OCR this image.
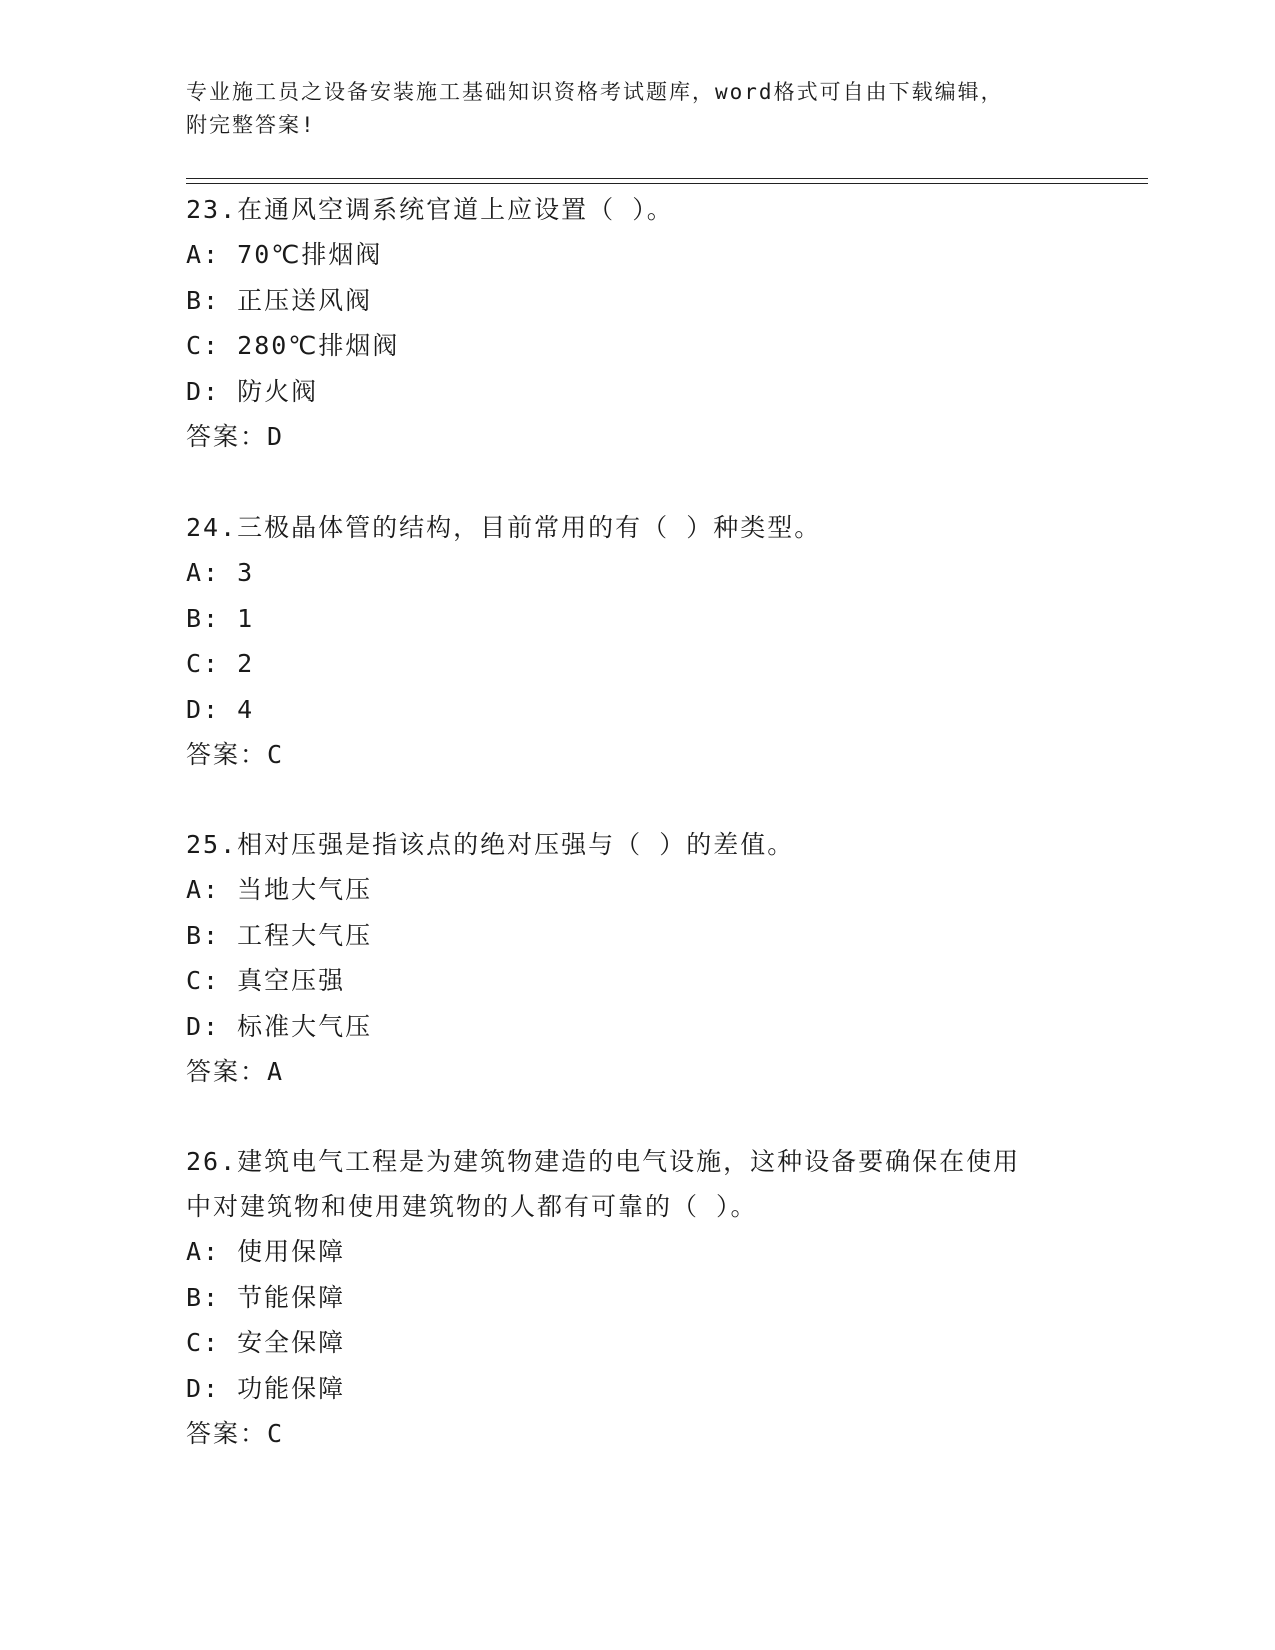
专业施工员之设备安装施工基础知识资格考试题库，word格式可自由下载编辑，
附完整答案!

23.在通风空调系统官道上应设置（ ）。

A: 70℃排烟阀

B: 正压送风阀

C: 280℃排烟阀

D: 防火阀

答案：D

24.三极晶体管的结构，目前常用的有（ ）种类型。

A: 3

B: 1

C: 2

D: 4

答案：C

25.相对压强是指该点的绝对压强与（ ）的差值。

A: 当地大气压

B: 工程大气压

C: 真空压强

D: 标准大气压

答案：A

26.建筑电气工程是为建筑物建造的电气设施，这种设备要确保在使用

中对建筑物和使用建筑物的人都有可靠的（ ）。

A: 使用保障

B: 节能保障

C: 安全保障

D: 功能保障

答案：C
